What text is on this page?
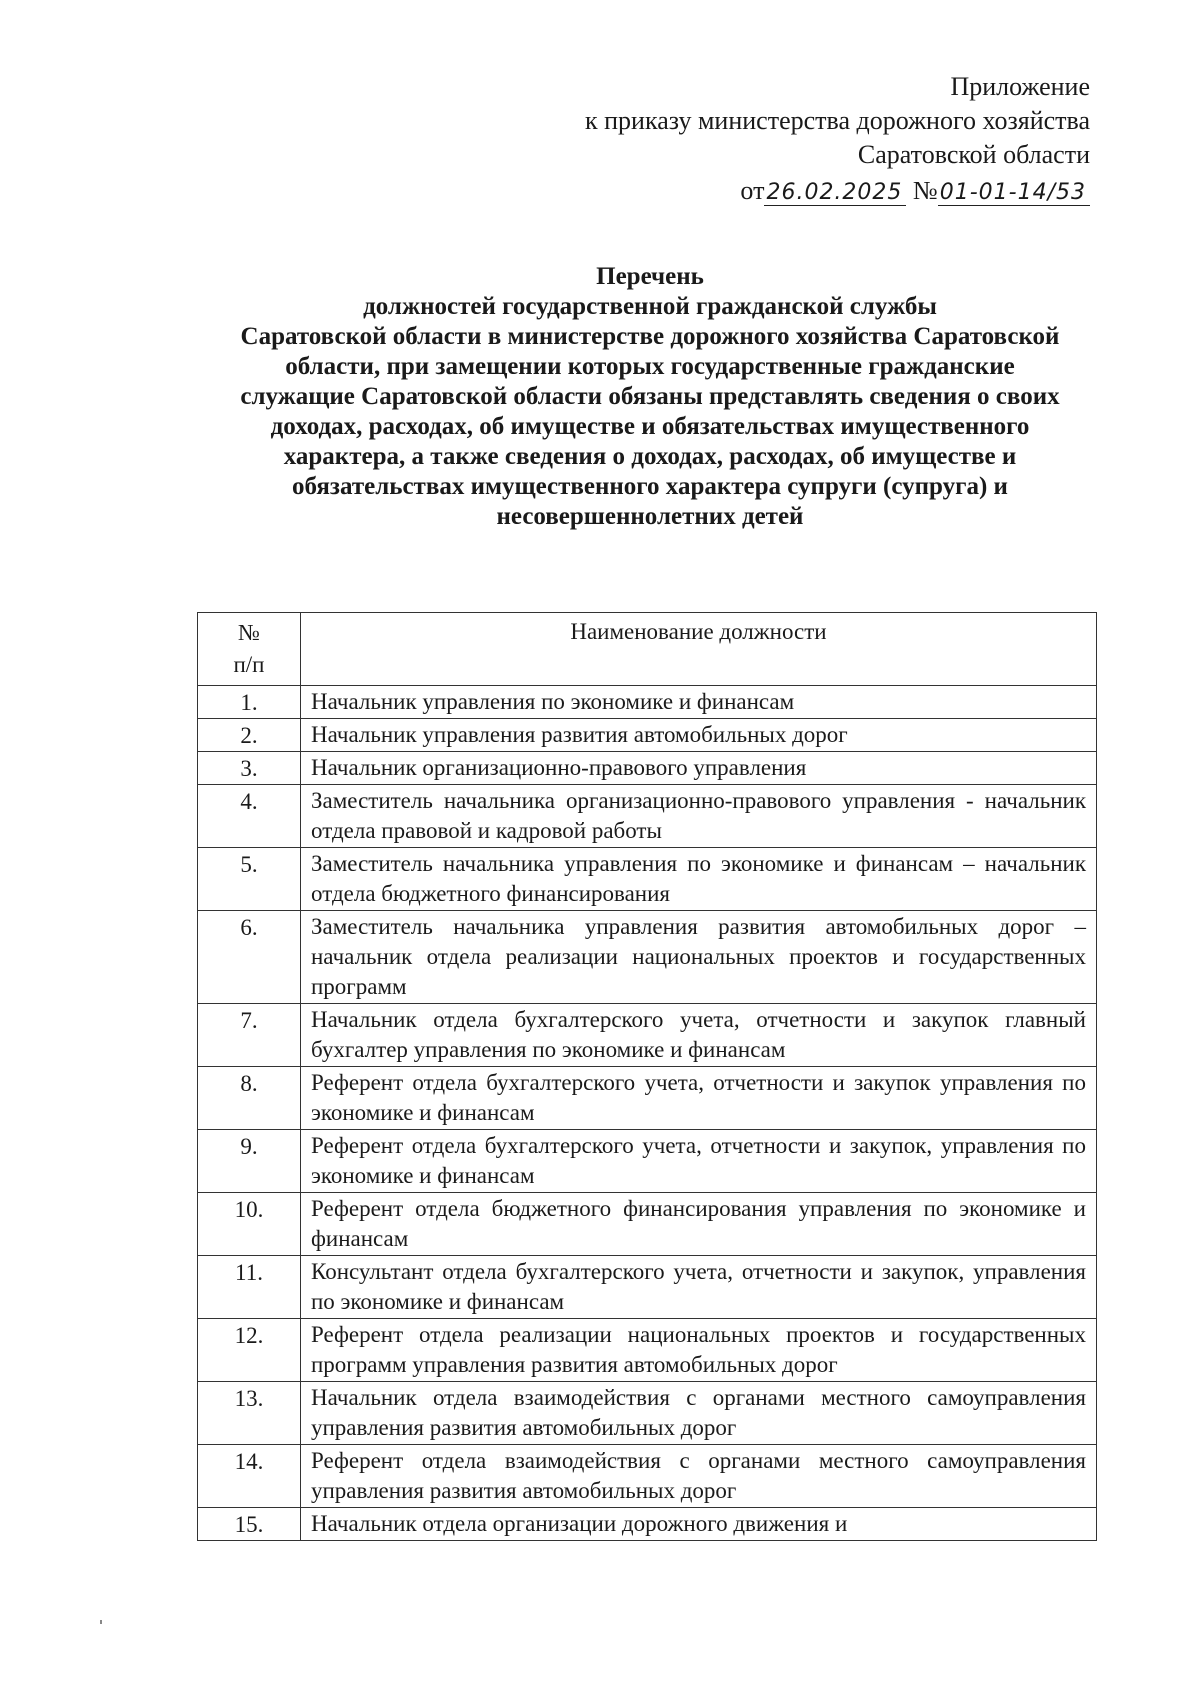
Приложение
к приказу министерства дорожного хозяйства
Саратовской области
от26.02.2025 №01-01-14/53
Перечень
должностей государственной гражданской службы
Саратовской области в министерстве дорожного хозяйства Саратовской
области, при замещении которых государственные гражданские
служащие Саратовской области обязаны представлять сведения о своих
доходах, расходах, об имуществе и обязательствах имущественного
характера, а также сведения о доходах, расходах, об имуществе и
обязательствах имущественного характера супруги (супруга) и
несовершеннолетних детей
№
п/п	Наименование должности
1.	Начальник управления по экономике и финансам
2.	Начальник управления развития автомобильных дорог
3.	Начальник организационно-правового управления
4.	Заместитель начальника организационно-правового управления - начальник отдела правовой и кадровой работы
5.	Заместитель начальника управления по экономике и финансам – начальник отдела бюджетного финансирования
6.	Заместитель начальника управления развития автомобильных дорог – начальник отдела реализации национальных проектов и государственных программ
7.	Начальник отдела бухгалтерского учета, отчетности и закупок главный бухгалтер управления по экономике и финансам
8.	Референт отдела бухгалтерского учета, отчетности и закупок управления по экономике и финансам
9.	Референт отдела бухгалтерского учета, отчетности и закупок, управления по экономике и финансам
10.	Референт отдела бюджетного финансирования управления по экономике и финансам
11.	Консультант отдела бухгалтерского учета, отчетности и закупок, управления по экономике и финансам
12.	Референт отдела реализации национальных проектов и государственных программ управления развития автомобильных дорог
13.	Начальник отдела взаимодействия с органами местного самоуправления управления развития автомобильных дорог
14.	Референт отдела взаимодействия с органами местного самоуправления управления развития автомобильных дорог
15.	Начальник отдела организации дорожного движения и
